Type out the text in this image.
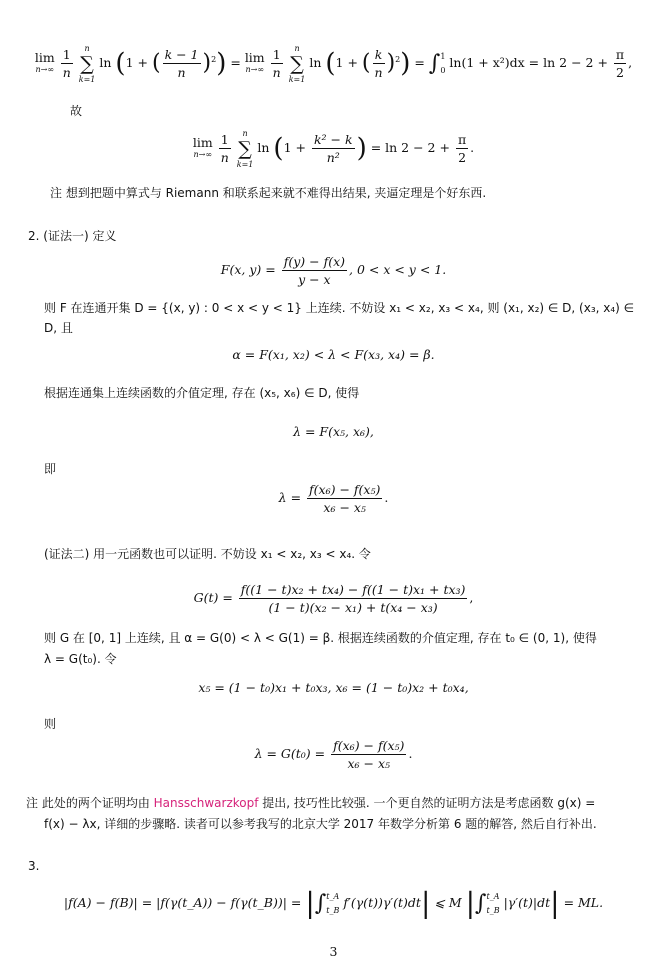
lim
n→∞
$\frac{1}{n}$
	n
∑
k=1
ln (1 + ( $\frac{k - 1}{n} )^2) = \lim$
n→∞
$\frac{1}{n}$
	n
∑
k=1
ln (1 + ( $\frac{k}{n} )^2$) = ∫ 1
0 $\ln(1 + x^2)dx = \ln 2 - 2 + \frac{\pi}{2}$ ,
故
lim
n→∞
$\frac{1}{n}$
	n
∑
k=1
$\ln (1 + \frac{\text{k² − k}}{\text{n²}}$ ) = $\ln 2 - 2 + \frac{\pi}{2}$ .
注 想到把题中算式与 Riemann 和联系起来就不难得出结果, 夹逼定理是个好东西.
2. (证法一) 定义
F(x, $y) = \frac{f(y) - f(x)}{y - x}$ , 0 < x < y < 1.
则 F 在连通开集 D = {(x, y) : 0 < x < y < 1} 上连续. 不妨设 x₁ < x₂, x₃ < x₄, 则 (x₁, x₂) ∈ D, (x₃, x₄) ∈
D, 且
α = F(x₁, x₂) < λ < F(x₃, x₄) = β.
根据连通集上连续函数的介值定理, 存在 (x₅, x₆) ∈ D, 使得
λ = F(x₅, x₆),
即
$\lambda = \frac{\text{f(x₆) − f(x₅)}}{\text{x₆ − x₅}}$ .
(证法二) 用一元函数也可以证明. 不妨设 x₁ < x₂, x₃ < x₄. 令
$G(t) = \frac{\text{f((1 − t)x₂ + tx₄) − f((1 − t)x₁ + tx₃)}}{\text{(1 − t)(x₂ − x₁) + t(x₄ − x₃)}}$ ,
则 G 在 [0, 1] 上连续, 且 α = G(0) < λ < G(1) = β. 根据连续函数的介值定理, 存在 t₀ ∈ (0, 1), 使得
λ = G(t₀). 令
x₅ = (1 − t₀)x₁ + t₀x₃, x₆ = (1 − t₀)x₂ + t₀x₄,
则
$\lambda = G(t_0) = \frac{\text{f(x₆) − f(x₅)}}{\text{x₆ − x₅}}$ .
注 此处的两个证明均由 Hansschwarzkopf 提出, 技巧性比较强. 一个更自然的证明方法是考虑函数 g(x) =
f(x) − λx, 详细的步骤略. 读者可以参考我写的北京大学 2017 年数学分析第 6 题的解答, 然后自行补出.
3.
|f(A) − f(B)| = |f(γ(t_A)) − f(γ(t_B))| = |∫ t_A
t_B f′(γ(t))γ′(t)dt| ⩽ M |∫ t_A
t_B |γ′(t)|dt| = ML.
3
